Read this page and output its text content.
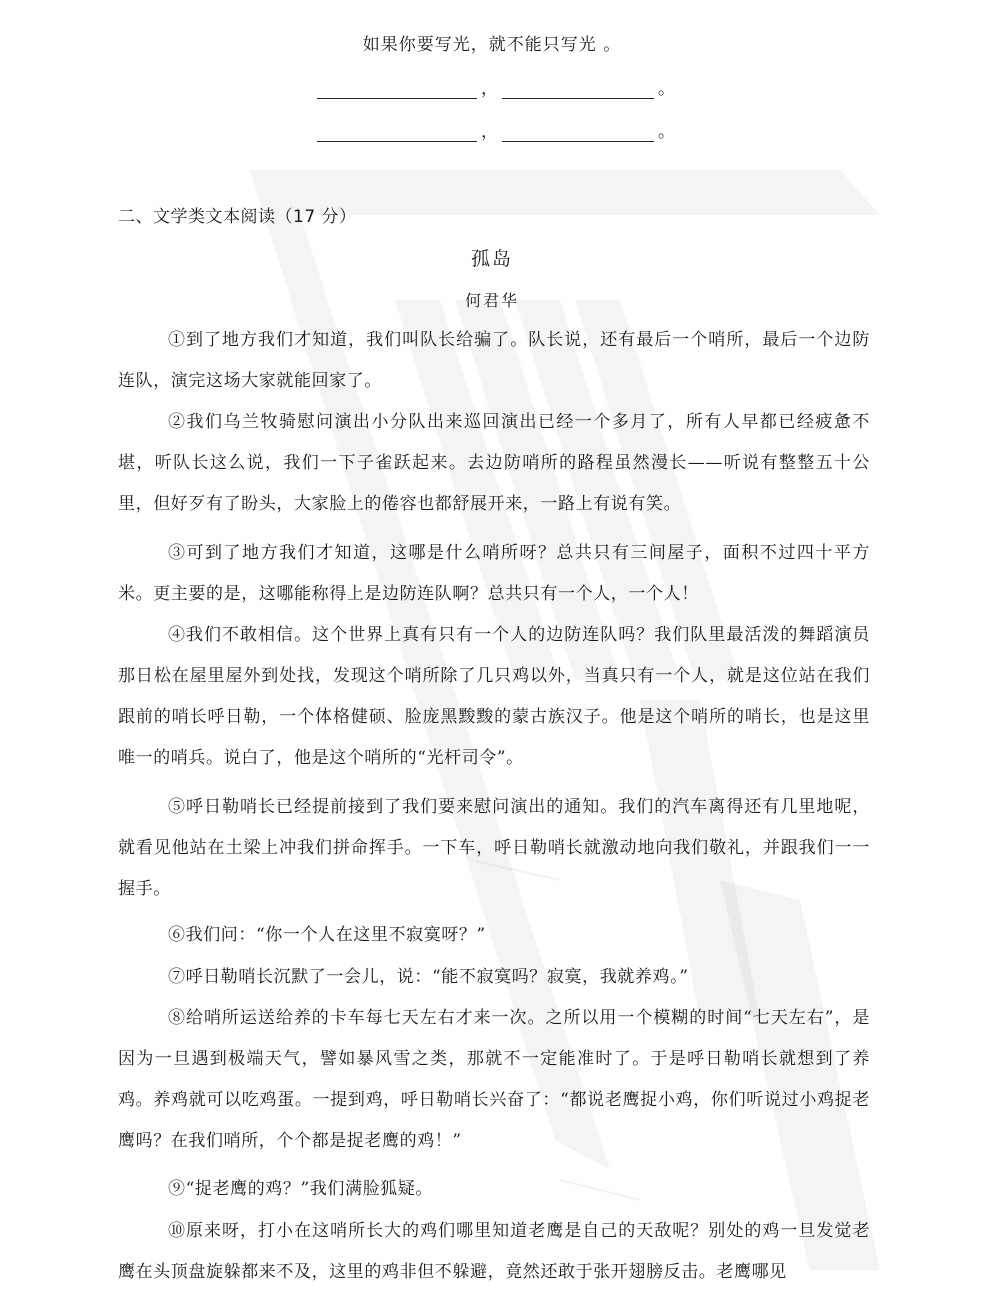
如果你要写光，就不能只写光 。
，	。
，	。
二、文学类文本阅读（17 分）
孤岛
何君华

①到了地方我们才知道，我们叫队长给骗了。队长说，还有最后一个哨所，最后一个边防连队，演完这场大家就能回家了。

②我们乌兰牧骑慰问演出小分队出来巡回演出已经一个多月了，所有人早都已经疲惫不堪，听队长这么说，我们一下子雀跃起来。去边防哨所的路程虽然漫长——听说有整整五十公里，但好歹有了盼头，大家脸上的倦容也都舒展开来，一路上有说有笑。

③可到了地方我们才知道，这哪是什么哨所呀？总共只有三间屋子，面积不过四十平方米。更主要的是，这哪能称得上是边防连队啊？总共只有一个人，一个人！

④我们不敢相信。这个世界上真有只有一个人的边防连队吗？我们队里最活泼的舞蹈演员那日松在屋里屋外到处找，发现这个哨所除了几只鸡以外，当真只有一个人，就是这位站在我们跟前的哨长呼日勒，一个体格健硕、脸庞黑黢黢的蒙古族汉子。他是这个哨所的哨长，也是这里唯一的哨兵。说白了，他是这个哨所的“光杆司令”。

⑤呼日勒哨长已经提前接到了我们要来慰问演出的通知。我们的汽车离得还有几里地呢，就看见他站在土梁上冲我们拼命挥手。一下车，呼日勒哨长就激动地向我们敬礼，并跟我们一一握手。

⑥我们问：“你一个人在这里不寂寞呀？”

⑦呼日勒哨长沉默了一会儿，说：“能不寂寞吗？寂寞，我就养鸡。”

⑧给哨所运送给养的卡车每七天左右才来一次。之所以用一个模糊的时间“七天左右”，是因为一旦遇到极端天气，譬如暴风雪之类，那就不一定能准时了。于是呼日勒哨长就想到了养鸡。养鸡就可以吃鸡蛋。一提到鸡，呼日勒哨长兴奋了：“都说老鹰捉小鸡，你们听说过小鸡捉老鹰吗？在我们哨所，个个都是捉老鹰的鸡！”

⑨“捉老鹰的鸡？”我们满脸狐疑。

⑩原来呀，打小在这哨所长大的鸡们哪里知道老鹰是自己的天敌呢？别处的鸡一旦发觉老鹰在头顶盘旋躲都来不及，这里的鸡非但不躲避，竟然还敢于张开翅膀反击。老鹰哪见
